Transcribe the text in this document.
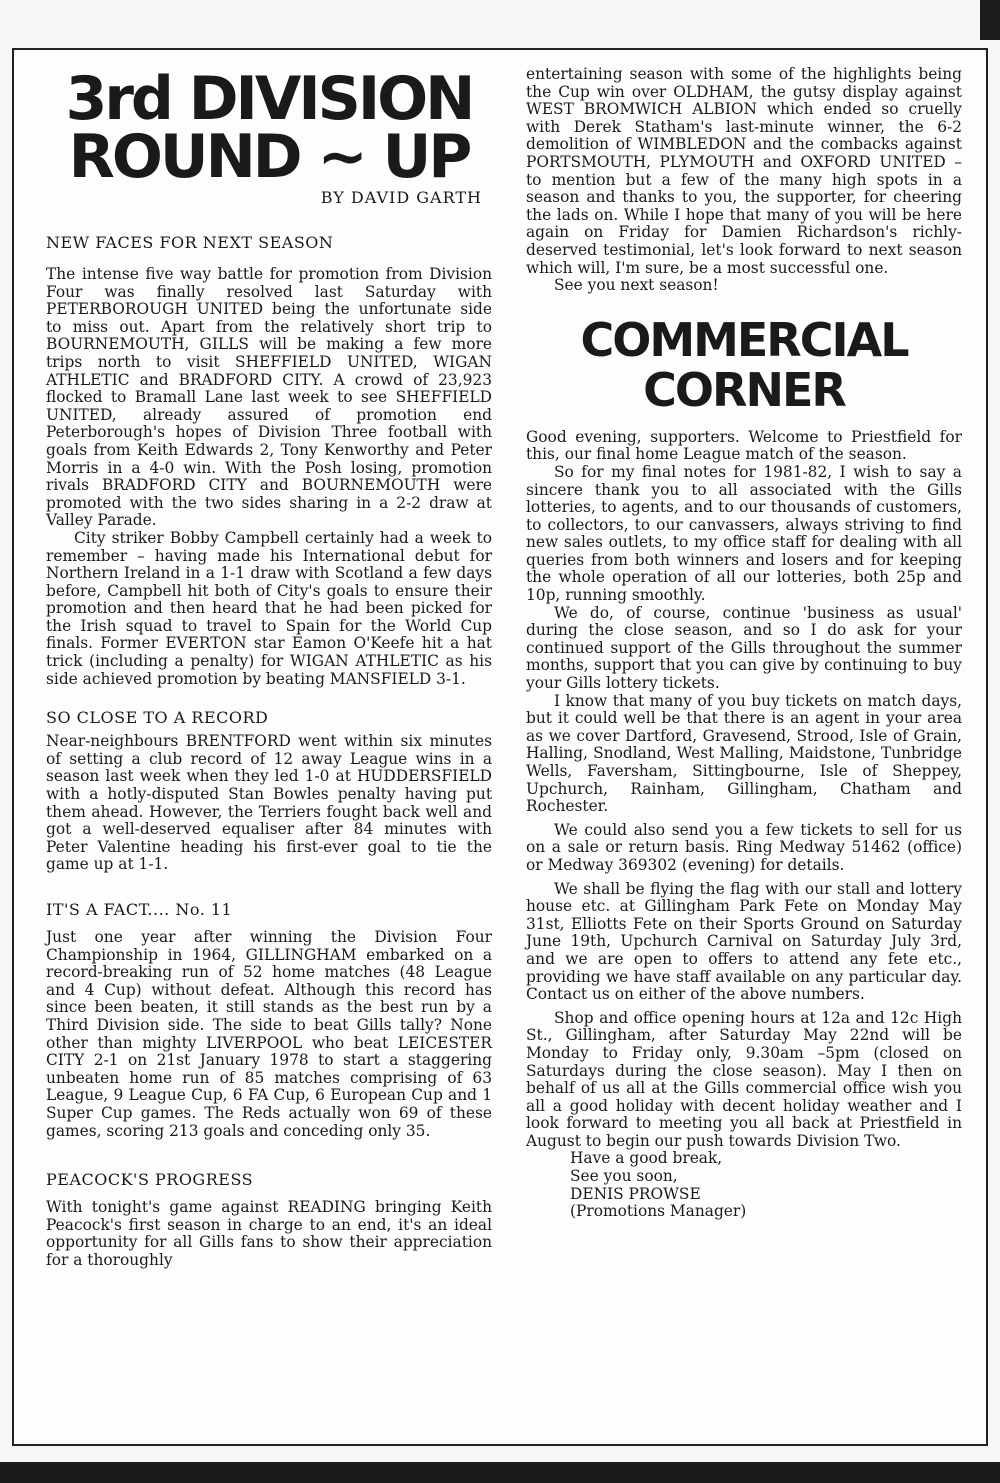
3rd DIVISION
ROUND ~ UP
BY DAVID GARTH
NEW FACES FOR NEXT SEASON

The intense five way battle for promotion from Division Four was finally resolved last Saturday with PETERBOROUGH UNITED being the unfortunate side to miss out. Apart from the relatively short trip to BOURNEMOUTH, GILLS will be making a few more trips north to visit SHEFFIELD UNITED, WIGAN ATHLETIC and BRADFORD CITY. A crowd of 23,923 flocked to Bramall Lane last week to see SHEFFIELD UNITED, already assured of promotion end Peterborough's hopes of Division Three football with goals from Keith Edwards 2, Tony Kenworthy and Peter Morris in a 4-0 win. With the Posh losing, promotion rivals BRADFORD CITY and BOURNEMOUTH were promoted with the two sides sharing in a 2-2 draw at Valley Parade.

City striker Bobby Campbell certainly had a week to remember – having made his International debut for Northern Ireland in a 1-1 draw with Scotland a few days before, Campbell hit both of City's goals to ensure their promotion and then heard that he had been picked for the Irish squad to travel to Spain for the World Cup finals. Former EVERTON star Eamon O'Keefe hit a hat trick (including a penalty) for WIGAN ATHLETIC as his side achieved promotion by beating MANSFIELD 3-1.

SO CLOSE TO A RECORD

Near-neighbours BRENTFORD went within six minutes of setting a club record of 12 away League wins in a season last week when they led 1-0 at HUDDERSFIELD with a hotly-disputed Stan Bowles penalty having put them ahead. However, the Terriers fought back well and got a well-deserved equaliser after 84 minutes with Peter Valentine heading his first-ever goal to tie the game up at 1-1.

IT'S A FACT.... No. 11

Just one year after winning the Division Four Championship in 1964, GILLINGHAM embarked on a record-breaking run of 52 home matches (48 League and 4 Cup) without defeat. Although this record has since been beaten, it still stands as the best run by a Third Division side. The side to beat Gills tally? None other than mighty LIVERPOOL who beat LEICESTER CITY 2-1 on 21st January 1978 to start a staggering unbeaten home run of 85 matches comprising of 63 League, 9 League Cup, 6 FA Cup, 6 European Cup and 1 Super Cup games. The Reds actually won 69 of these games, scoring 213 goals and conceding only 35.

PEACOCK'S PROGRESS

With tonight's game against READING bringing Keith Peacock's first season in charge to an end, it's an ideal opportunity for all Gills fans to show their appreciation for a thoroughly

entertaining season with some of the highlights being the Cup win over OLDHAM, the gutsy display against WEST BROMWICH ALBION which ended so cruelly with Derek Statham's last-minute winner, the 6-2 demolition of WIMBLEDON and the combacks against PORTSMOUTH, PLYMOUTH and OXFORD UNITED – to mention but a few of the many high spots in a season and thanks to you, the supporter, for cheering the lads on. While I hope that many of you will be here again on Friday for Damien Richardson's richly-deserved testimonial, let's look forward to next season which will, I'm sure, be a most successful one.

See you next season!

COMMERCIAL
CORNER

Good evening, supporters. Welcome to Priestfield for this, our final home League match of the season.

So for my final notes for 1981-82, I wish to say a sincere thank you to all associated with the Gills lotteries, to agents, and to our thousands of customers, to collectors, to our canvassers, always striving to find new sales outlets, to my office staff for dealing with all queries from both winners and losers and for keeping the whole operation of all our lotteries, both 25p and 10p, running smoothly.

We do, of course, continue 'business as usual' during the close season, and so I do ask for your continued support of the Gills throughout the summer months, support that you can give by continuing to buy your Gills lottery tickets.

I know that many of you buy tickets on match days, but it could well be that there is an agent in your area as we cover Dartford, Gravesend, Strood, Isle of Grain, Halling, Snodland, West Malling, Maidstone, Tunbridge Wells, Faversham, Sittingbourne, Isle of Sheppey, Upchurch, Rainham, Gillingham, Chatham and Rochester.

We could also send you a few tickets to sell for us on a sale or return basis. Ring Medway 51462 (office) or Medway 369302 (evening) for details.

We shall be flying the flag with our stall and lottery house etc. at Gillingham Park Fete on Monday May 31st, Elliotts Fete on their Sports Ground on Saturday June 19th, Upchurch Carnival on Saturday July 3rd, and we are open to offers to attend any fete etc., providing we have staff available on any particular day. Contact us on either of the above numbers.

Shop and office opening hours at 12a and 12c High St., Gillingham, after Saturday May 22nd will be Monday to Friday only, 9.30am –5pm (closed on Saturdays during the close season). May I then on behalf of us all at the Gills commercial office wish you all a good holiday with decent holiday weather and I look forward to meeting you all back at Priestfield in August to begin our push towards Division Two.

Have a good break,
See you soon,
DENIS PROWSE
(Promotions Manager)
